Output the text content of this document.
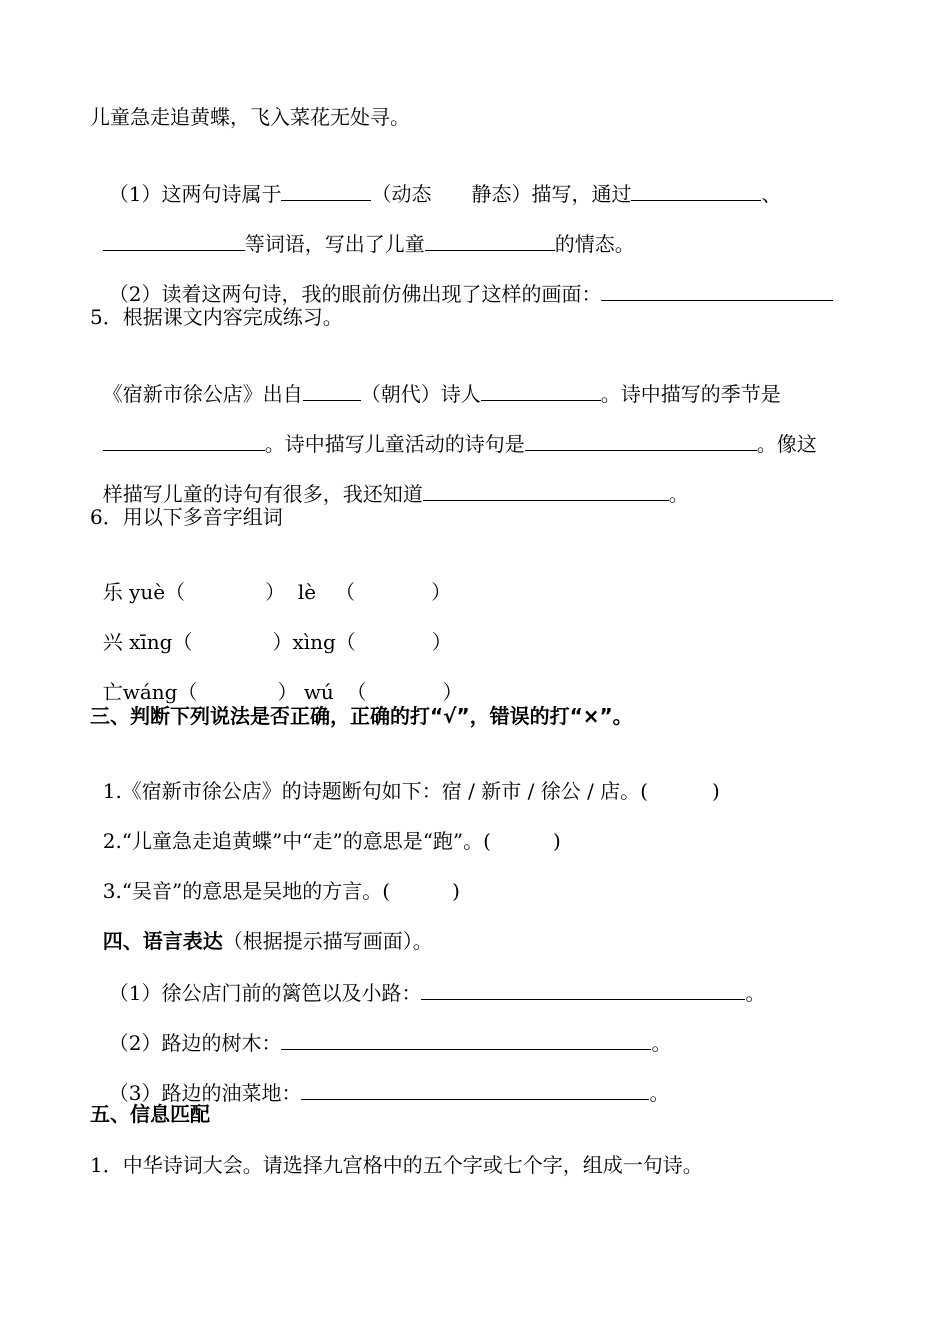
儿童急走追黄蝶，飞入菜花无处寻。

（1）这两句诗属于	（动态　　静态）描写，通过	、

等词语，写出了儿童	的情态。

（2）读着这两句诗，我的眼前仿佛出现了这样的画面：

5．根据课文内容完成练习。

《宿新市徐公店》出自	（朝代）诗人	。诗中描写的季节是

。诗中描写儿童活动的诗句是	。像这

样描写儿童的诗句有很多，我还知道	。

6．用以下多音字组词

乐 yuè（	） lè （	）

兴 xīng（	）xìng（	）

亡wáng（	） wú （	）

三、判断下列说法是否正确，正确的打“√”，错误的打“×”。

1.《宿新市徐公店》的诗题断句如下：宿 / 新市 / 徐公 / 店。(	)

2.“儿童急走追黄蝶”中“走”的意思是“跑”。(	)

3.“吴音”的意思是吴地的方言。(	)

四、语言表达（根据提示描写画面）。

（1）徐公店门前的篱笆以及小路：	。

（2）路边的树木：	。

（3）路边的油菜地：	。

五、信息匹配
1．中华诗词大会。请选择九宫格中的五个字或七个字，组成一句诗。
